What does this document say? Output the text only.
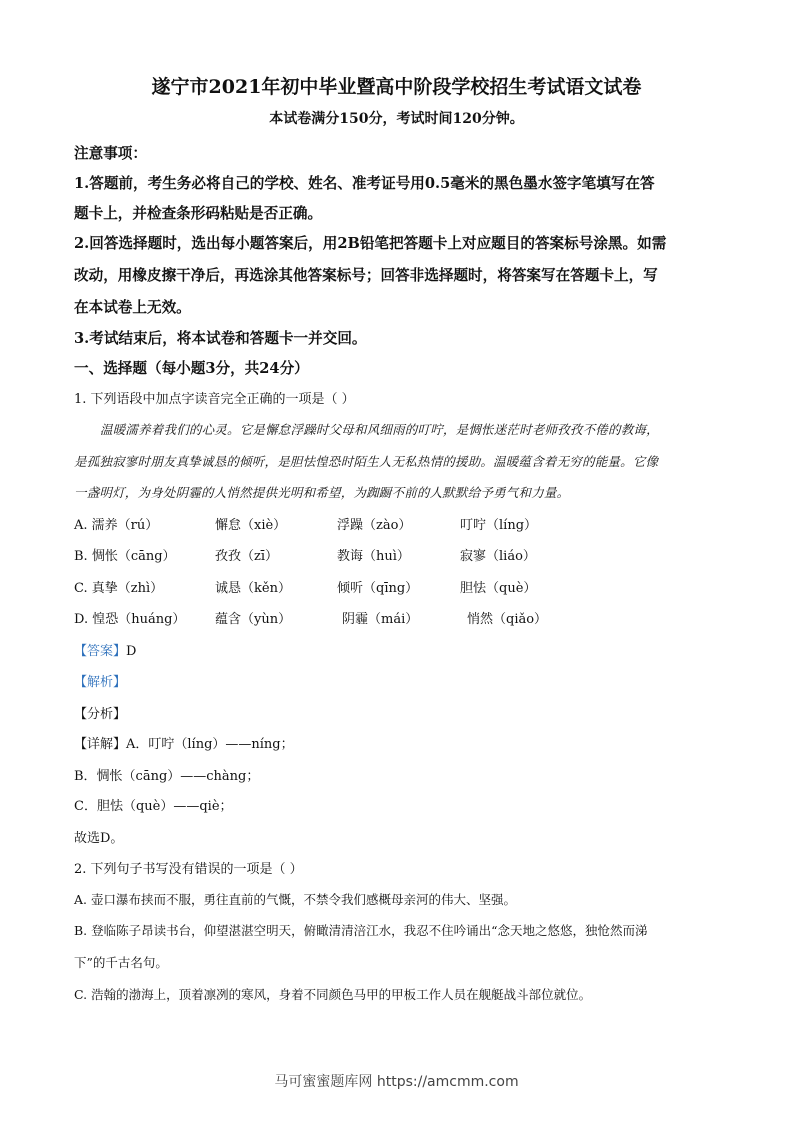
遂宁市2021年初中毕业暨高中阶段学校招生考试语文试卷
本试卷满分150分，考试时间120分钟。
注意事项：
1.答题前，考生务必将自己的学校、姓名、准考证号用0.5毫米的黑色墨水签字笔填写在答
题卡上，并检查条形码粘贴是否正确。
2.回答选择题时，选出每小题答案后，用2B铅笔把答题卡上对应题目的答案标号涂黑。如需
改动，用橡皮擦干净后，再选涂其他答案标号；回答非选择题时，将答案写在答题卡上，写
在本试卷上无效。
3.考试结束后，将本试卷和答题卡一并交回。
一、选择题（每小题3分，共24分）
1. 下列语段中加点字读音完全正确的一项是（ ）
温暖濡养着我们的心灵。它是懈怠浮躁时父母和风细雨的叮咛，是惆怅迷茫时老师孜孜不倦的教诲，
是孤独寂寥时朋友真挚诚恳的倾听，是胆怯惶恐时陌生人无私热情的援助。温暖蕴含着无穷的能量。它像
一盏明灯，为身处阴霾的人悄然提供光明和希望，为踟蹰不前的人默默给予勇气和力量。
A. 濡养（rú）	懈怠（xiè）	浮躁（zào）	叮咛（líng）
B. 惆怅（cāng）	孜孜（zī）	教诲（huì）	寂寥（liáo）
C. 真挚（zhì）	诚恳（kěn）	倾听（qīng）	胆怯（què）
D. 惶恐（huáng） 蕴含（yùn）	阴霾（mái）	悄然（qiǎo）
【答案】D
【解析】
【分析】
【详解】A．叮咛（líng）——níng；
B．惆怅（cāng）——chàng；
C．胆怯（què）——qiè；
故选D。
2. 下列句子书写没有错误的一项是（ ）
A. 壶口瀑布挟而不服，勇往直前的气慨，不禁令我们感概母亲河的伟大、坚强。
B. 登临陈子昂读书台，仰望湛湛空明天，俯瞰清清涪江水，我忍不住吟诵出“念天地之悠悠，独怆然而涕
下”的千古名句。
C. 浩翰的渤海上，顶着凛冽的寒风，身着不同颜色马甲的甲板工作人员在舰艇战斗部位就位。
马可蜜蜜题库网 https://amcmm.com
